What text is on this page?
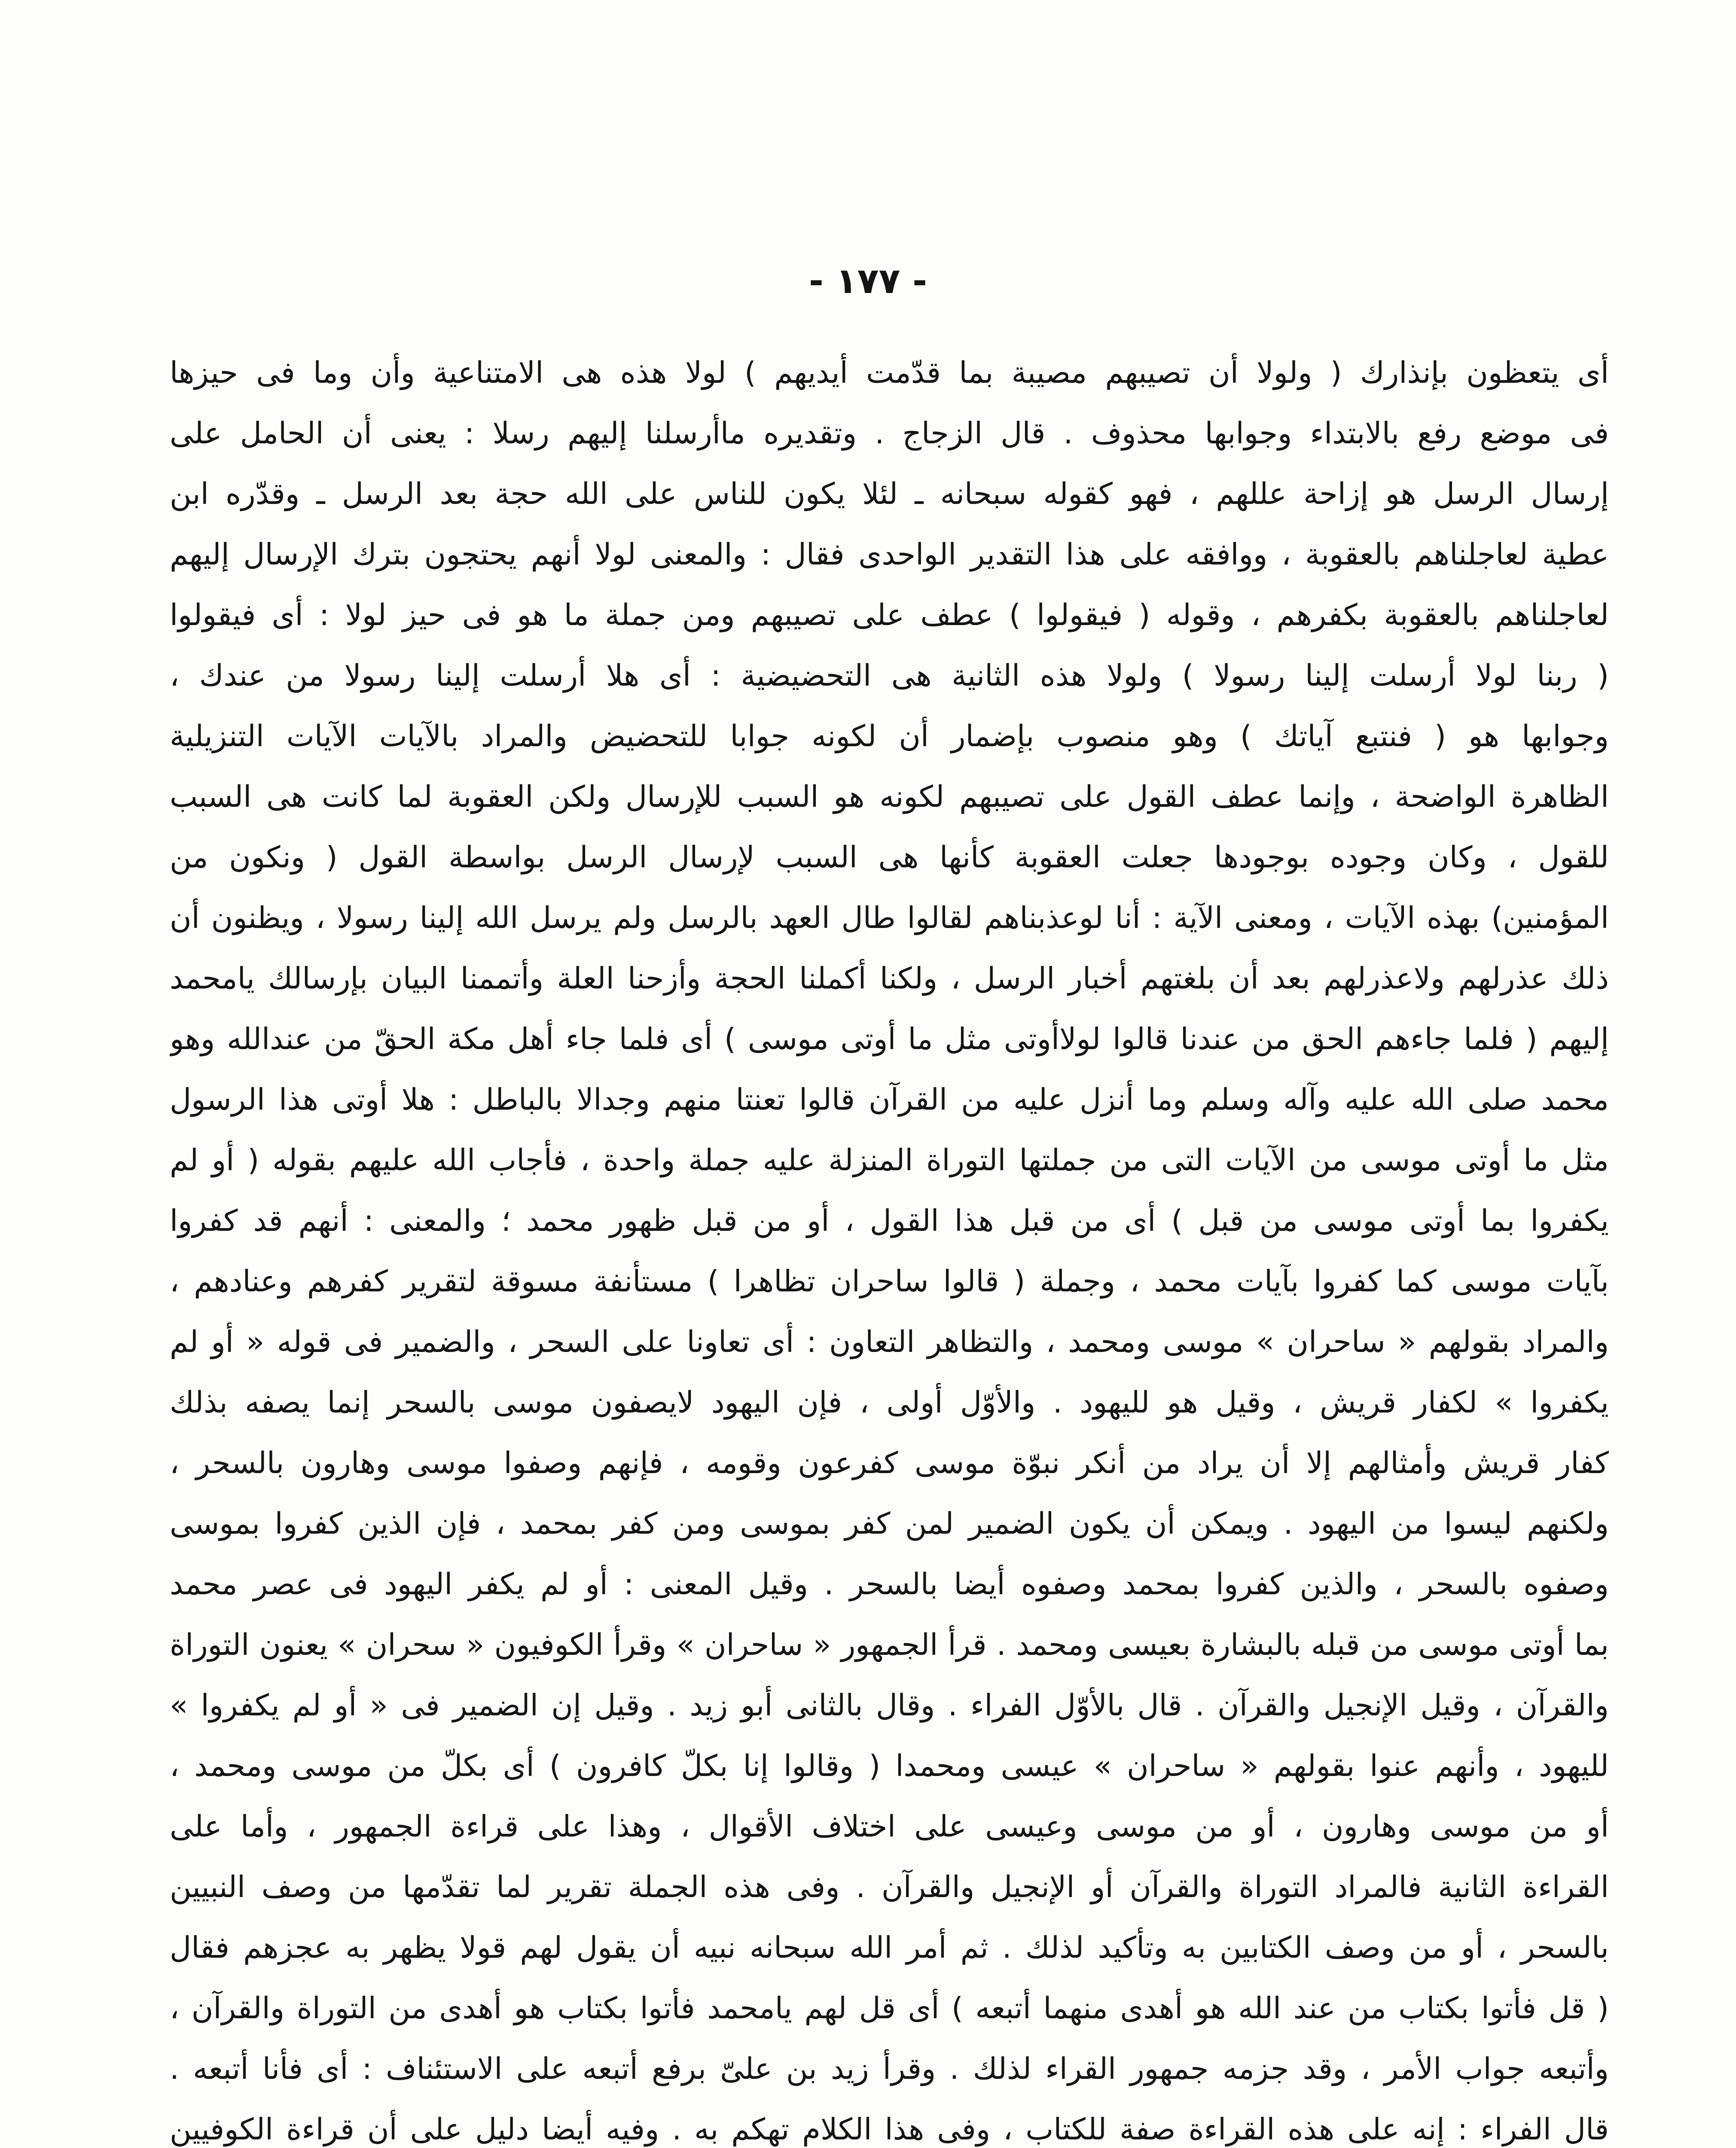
- ١٧٧ -
أى يتعظون بإنذارك ( ولولا أن تصيبهم مصيبة بما قدّمت أيديهم ) لولا هذه هى الامتناعية وأن وما فى حيزها
فى موضع رفع بالابتداء وجوابها محذوف . قال الزجاج . وتقديره ماأرسلنا إليهم رسلا : يعنى أن الحامل على
إرسال الرسل هو إزاحة عللهم ، فهو كقوله سبحانه ـ لئلا يكون للناس على الله حجة بعد الرسل ـ وقدّره ابن
عطية لعاجلناهم بالعقوبة ، ووافقه على هذا التقدير الواحدى فقال : والمعنى لولا أنهم يحتجون بترك الإرسال إليهم
لعاجلناهم بالعقوبة بكفرهم ، وقوله ( فيقولوا ) عطف على تصيبهم ومن جملة ما هو فى حيز لولا : أى فيقولوا
( ربنا لولا أرسلت إلينا رسولا ) ولولا هذه الثانية هى التحضيضية : أى هلا أرسلت إلينا رسولا من عندك ،
وجوابها هو ( فنتبع آياتك ) وهو منصوب بإضمار أن لكونه جوابا للتحضيض والمراد بالآيات الآيات التنزيلية
الظاهرة الواضحة ، وإنما عطف القول على تصيبهم لكونه هو السبب للإرسال ولكن العقوبة لما كانت هى السبب
للقول ، وكان وجوده بوجودها جعلت العقوبة كأنها هى السبب لإرسال الرسل بواسطة القول ( ونكون من
المؤمنين) بهذه الآيات ، ومعنى الآية : أنا لوعذبناهم لقالوا طال العهد بالرسل ولم يرسل الله إلينا رسولا ، ويظنون أن
ذلك عذرلهم ولاعذرلهم بعد أن بلغتهم أخبار الرسل ، ولكنا أكملنا الحجة وأزحنا العلة وأتممنا البيان بإرسالك يامحمد
إليهم ( فلما جاءهم الحق من عندنا قالوا لولاأوتى مثل ما أوتى موسى ) أى فلما جاء أهل مكة الحقّ من عندالله وهو
محمد صلى الله عليه وآله وسلم وما أنزل عليه من القرآن قالوا تعنتا منهم وجدالا بالباطل : هلا أوتى هذا الرسول
مثل ما أوتى موسى من الآيات التى من جملتها التوراة المنزلة عليه جملة واحدة ، فأجاب الله عليهم بقوله ( أو لم
يكفروا بما أوتى موسى من قبل ) أى من قبل هذا القول ، أو من قبل ظهور محمد ؛ والمعنى : أنهم قد كفروا
بآيات موسى كما كفروا بآيات محمد ، وجملة ( قالوا ساحران تظاهرا ) مستأنفة مسوقة لتقرير كفرهم وعنادهم ،
والمراد بقولهم « ساحران » موسى ومحمد ، والتظاهر التعاون : أى تعاونا على السحر ، والضمير فى قوله « أو لم
يكفروا » لكفار قريش ، وقيل هو لليهود . والأوّل أولى ، فإن اليهود لايصفون موسى بالسحر إنما يصفه بذلك
كفار قريش وأمثالهم إلا أن يراد من أنكر نبوّة موسى كفرعون وقومه ، فإنهم وصفوا موسى وهارون بالسحر ،
ولكنهم ليسوا من اليهود . ويمكن أن يكون الضمير لمن كفر بموسى ومن كفر بمحمد ، فإن الذين كفروا بموسى
وصفوه بالسحر ، والذين كفروا بمحمد وصفوه أيضا بالسحر . وقيل المعنى : أو لم يكفر اليهود فى عصر محمد
بما أوتى موسى من قبله بالبشارة بعيسى ومحمد . قرأ الجمهور « ساحران » وقرأ الكوفيون « سحران » يعنون التوراة
والقرآن ، وقيل الإنجيل والقرآن . قال بالأوّل الفراء . وقال بالثانى أبو زيد . وقيل إن الضمير فى « أو لم يكفروا »
لليهود ، وأنهم عنوا بقولهم « ساحران » عيسى ومحمدا ( وقالوا إنا بكلّ كافرون ) أى بكلّ من موسى ومحمد ،
أو من موسى وهارون ، أو من موسى وعيسى على اختلاف الأقوال ، وهذا على قراءة الجمهور ، وأما على
القراءة الثانية فالمراد التوراة والقرآن أو الإنجيل والقرآن . وفى هذه الجملة تقرير لما تقدّمها من وصف النبيين
بالسحر ، أو من وصف الكتابين به وتأكيد لذلك . ثم أمر الله سبحانه نبيه أن يقول لهم قولا يظهر به عجزهم فقال
( قل فأتوا بكتاب من عند الله هو أهدى منهما أتبعه ) أى قل لهم يامحمد فأتوا بكتاب هو أهدى من التوراة والقرآن ،
وأتبعه جواب الأمر ، وقد جزمه جمهور القراء لذلك . وقرأ زيد بن علىّ برفع أتبعه على الاستئناف : أى فأنا أتبعه .
قال الفراء : إنه على هذه القراءة صفة للكتاب ، وفى هذا الكلام تهكم به . وفيه أيضا دليل على أن قراءة الكوفيين
